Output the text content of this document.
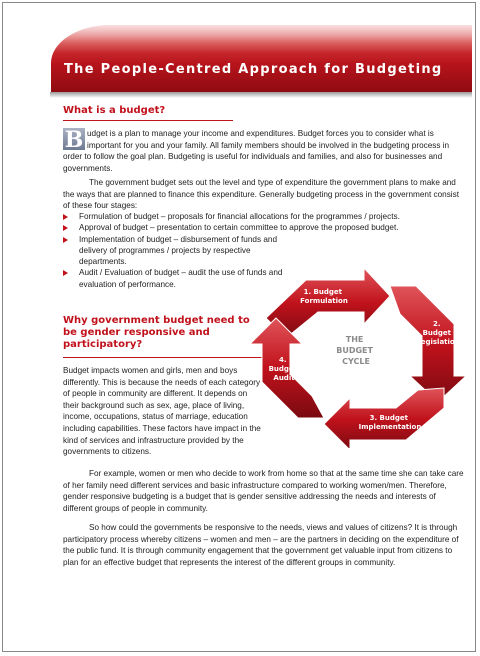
The People-Centred Approach for Budgeting
What is a budget?
B udget is a plan to manage your income and expenditures. Budget forces you to consider what is important for you and your family. All family members should be involved in the budgeting process in order to follow the goal plan. Budgeting is useful for individuals and families, and also for businesses and governments.
The government budget sets out the level and type of expenditure the government plans to make and the ways that are planned to finance this expenditure. Generally budgeting process in the government consist of these four stages:
Formulation of budget – proposals for financial allocations for the programmes / projects.
Approval of budget – presentation to certain committee to approve the proposed budget.
Implementation of budget – disbursement of funds and delivery of programmes / projects by respective departments.
Audit / Evaluation of budget – audit the use of funds and evaluation of performance.
Why government budget need to be gender responsive and participatory?
Budget impacts women and girls, men and boys differently. This is because the needs of each category of people in community are different. It depends on their background such as sex, age, place of living, income, occupations, status of marriage, education including capabilities. These factors have impact in the kind of services and infrastructure provided by the governments to citizens.
For example, women or men who decide to work from home so that at the same time she can take care of her family need different services and basic infrastructure compared to working women/men. Therefore, gender responsive budgeting is a budget that is gender sensitive addressing the needs and interests of different groups of people in community.
So how could the governments be responsive to the needs, views and values of citizens? It is through participatory process whereby citizens – women and men – are the partners in deciding on the expenditure of the public fund. It is through community engagement that the government get valuable input from citizens to plan for an effective budget that represents the interest of the different groups in community.
THE BUDGET CYCLE
1. Budget Formulation
2. Budget Legislation
3. Budget Implementation
4. Budget Audit
